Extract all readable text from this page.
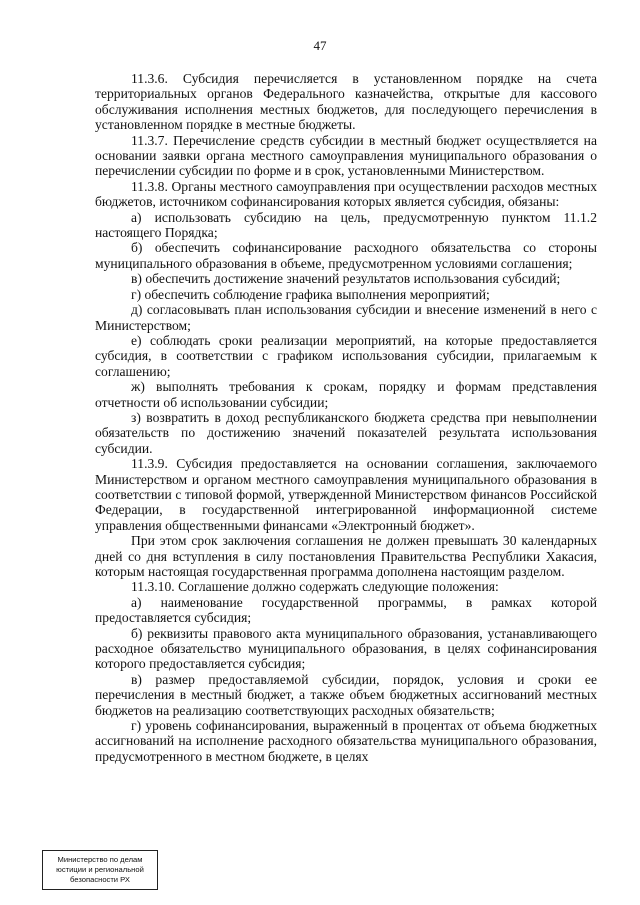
47

11.3.6. Субсидия перечисляется в установленном порядке на счета территориальных органов Федерального казначейства, открытые для кассового обслуживания исполнения местных бюджетов, для последующего перечисления в установленном порядке в местные бюджеты.

11.3.7. Перечисление средств субсидии в местный бюджет осуществляется на основании заявки органа местного самоуправления муниципального образования о перечислении субсидии по форме и в срок, установленными Министерством.

11.3.8. Органы местного самоуправления при осуществлении расходов местных бюджетов, источником софинансирования которых является субсидия, обязаны:

а) использовать субсидию на цель, предусмотренную пунктом 11.1.2 настоящего Порядка;

б) обеспечить софинансирование расходного обязательства со стороны муниципального образования в объеме, предусмотренном условиями соглашения;

в) обеспечить достижение значений результатов использования субсидий;

г) обеспечить соблюдение графика выполнения мероприятий;

д) согласовывать план использования субсидии и внесение изменений в него с Министерством;

е) соблюдать сроки реализации мероприятий, на которые предоставляется субсидия, в соответствии с графиком использования субсидии, прилагаемым к соглашению;

ж) выполнять требования к срокам, порядку и формам представления отчетности об использовании субсидии;

з) возвратить в доход республиканского бюджета средства при невыполнении обязательств по достижению значений показателей результата использования субсидии.

11.3.9. Субсидия предоставляется на основании соглашения, заключаемого Министерством и органом местного самоуправления муниципального образования в соответствии с типовой формой, утвержденной Министерством финансов Российской Федерации, в государственной интегрированной информационной системе управления общественными финансами «Электронный бюджет».

При этом срок заключения соглашения не должен превышать 30 календарных дней со дня вступления в силу постановления Правительства Республики Хакасия, которым настоящая государственная программа дополнена настоящим разделом.

11.3.10. Соглашение должно содержать следующие положения:

а) наименование государственной программы, в рамках которой предоставляется субсидия;

б) реквизиты правового акта муниципального образования, устанавливающего расходное обязательство муниципального образования, в целях софинансирования которого предоставляется субсидия;

в) размер предоставляемой субсидии, порядок, условия и сроки ее перечисления в местный бюджет, а также объем бюджетных ассигнований местных бюджетов на реализацию соответствующих расходных обязательств;

г) уровень софинансирования, выраженный в процентах от объема бюджетных ассигнований на исполнение расходного обязательства муниципального образования, предусмотренного в местном бюджете, в целях

Министерство по делам
юстиции и региональной
безопасности РХ
